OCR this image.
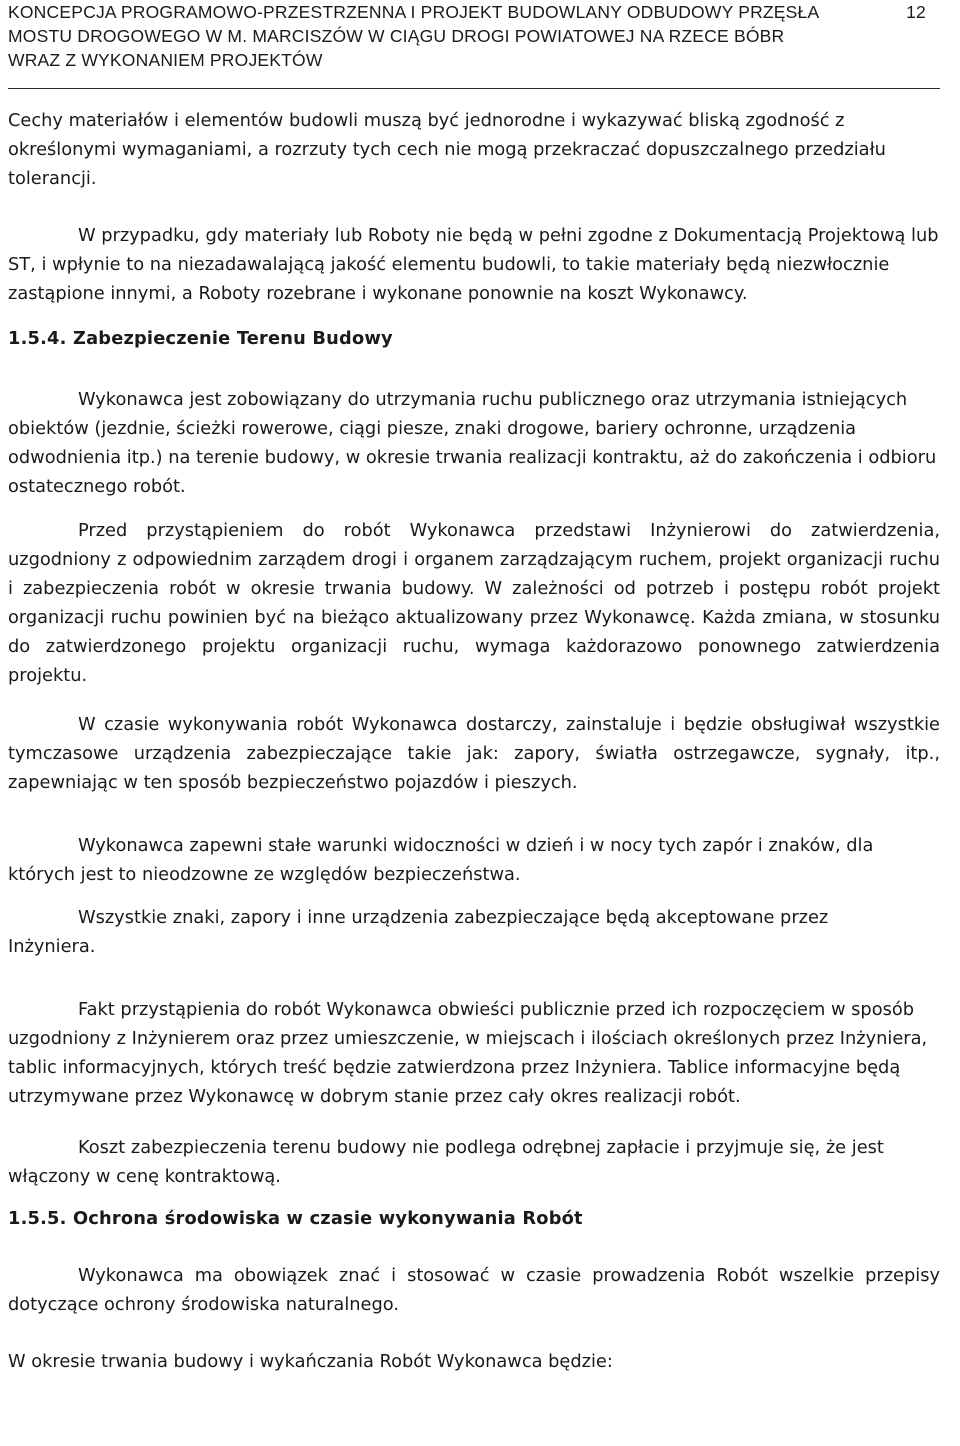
KONCEPCJA PROGRAMOWO-PRZESTRZENNA I PROJEKT BUDOWLANY ODBUDOWY PRZĘSŁA
MOSTU DROGOWEGO W M. MARCISZÓW W CIĄGU DROGI POWIATOWEJ NA RZECE BÓBR
WRAZ Z WYKONANIEM PROJEKTÓW
12

Cechy materiałów i elementów budowli muszą być jednorodne i wykazywać bliską zgodność z określonymi wymaganiami, a rozrzuty tych cech nie mogą przekraczać dopuszczalnego przedziału tolerancji.

W przypadku, gdy materiały lub Roboty nie będą w pełni zgodne z Dokumentacją Projektową lub ST, i wpłynie to na niezadawalającą jakość elementu budowli, to takie materiały będą niezwłocznie zastąpione innymi, a Roboty rozebrane i wykonane ponownie na koszt Wykonawcy.

1.5.4. Zabezpieczenie Terenu Budowy

Wykonawca jest zobowiązany do utrzymania ruchu publicznego oraz utrzymania istniejących obiektów (jezdnie, ścieżki rowerowe, ciągi piesze, znaki drogowe, bariery ochronne, urządzenia odwodnienia itp.) na terenie budowy, w okresie trwania realizacji kontraktu, aż do zakończenia i odbioru ostatecznego robót.

Przed przystąpieniem do robót Wykonawca przedstawi Inżynierowi do zatwierdzenia, uzgodniony z odpowiednim zarządem drogi i organem zarządzającym ruchem, projekt organizacji ruchu i zabezpieczenia robót w okresie trwania budowy. W zależności od potrzeb i postępu robót projekt organizacji ruchu powinien być na bieżąco aktualizowany przez Wykonawcę. Każda zmiana, w stosunku do zatwierdzonego projektu organizacji ruchu, wymaga każdorazowo ponownego zatwierdzenia projektu.

W czasie wykonywania robót Wykonawca dostarczy, zainstaluje i będzie obsługiwał wszystkie tymczasowe urządzenia zabezpieczające takie jak: zapory, światła ostrzegawcze, sygnały, itp., zapewniając w ten sposób bezpieczeństwo pojazdów i pieszych.

Wykonawca zapewni stałe warunki widoczności w dzień i w nocy tych zapór i znaków, dla których jest to nieodzowne ze względów bezpieczeństwa.

Wszystkie znaki, zapory i inne urządzenia zabezpieczające będą akceptowane przez
Inżyniera.

Fakt przystąpienia do robót Wykonawca obwieści publicznie przed ich rozpoczęciem w sposób uzgodniony z Inżynierem oraz przez umieszczenie, w miejscach i ilościach określonych przez Inżyniera, tablic informacyjnych, których treść będzie zatwierdzona przez Inżyniera. Tablice informacyjne będą utrzymywane przez Wykonawcę w dobrym stanie przez cały okres realizacji robót.

Koszt zabezpieczenia terenu budowy nie podlega odrębnej zapłacie i przyjmuje się, że jest włączony w cenę kontraktową.

1.5.5. Ochrona środowiska w czasie wykonywania Robót

Wykonawca ma obowiązek znać i stosować w czasie prowadzenia Robót wszelkie przepisy dotyczące ochrony środowiska naturalnego.

W okresie trwania budowy i wykańczania Robót Wykonawca będzie:
